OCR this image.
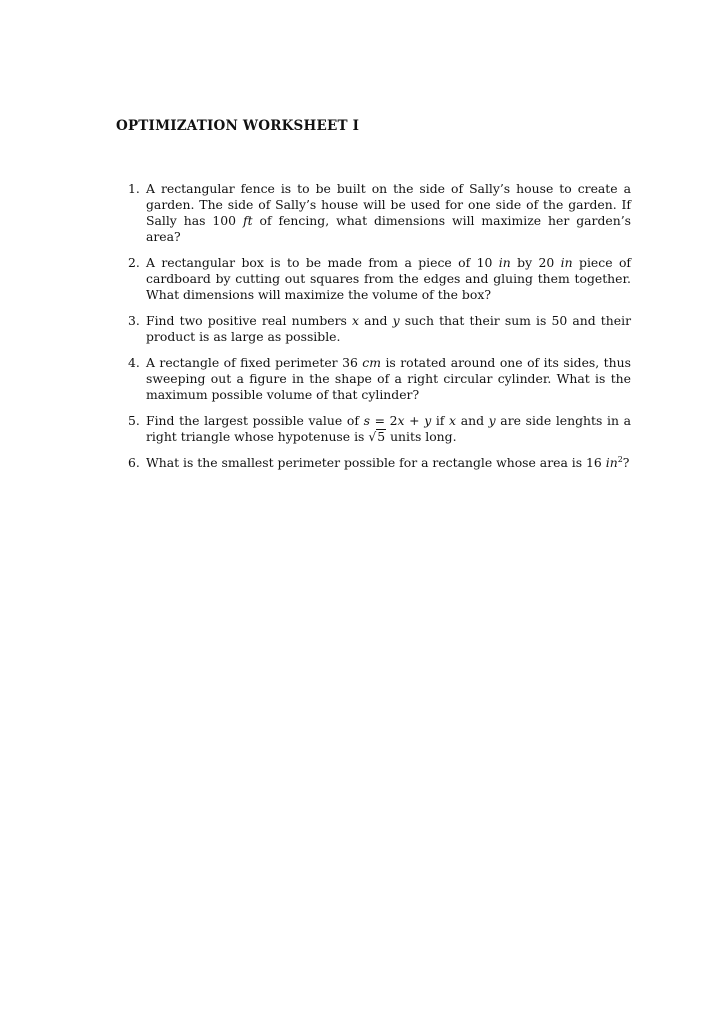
OPTIMIZATION WORKSHEET I
1. A rectangular fence is to be built on the side of Sally’s house to create a garden. The side of Sally’s house will be used for one side of the garden. If Sally has 100 ft of fencing, what dimensions will maximize her garden’s area?
2. A rectangular box is to be made from a piece of 10 in by 20 in piece of cardboard by cutting out squares from the edges and gluing them together. What dimensions will maximize the volume of the box?
3. Find two positive real numbers x and y such that their sum is 50 and their product is as large as possible.
4. A rectangle of fixed perimeter 36 cm is rotated around one of its sides, thus sweeping out a figure in the shape of a right circular cylinder. What is the maximum possible volume of that cylinder?
5. Find the largest possible value of s = 2x + y if x and y are side lenghts in a right triangle whose hypotenuse is √5 units long.
6. What is the smallest perimeter possible for a rectangle whose area is 16 $in^2$?
